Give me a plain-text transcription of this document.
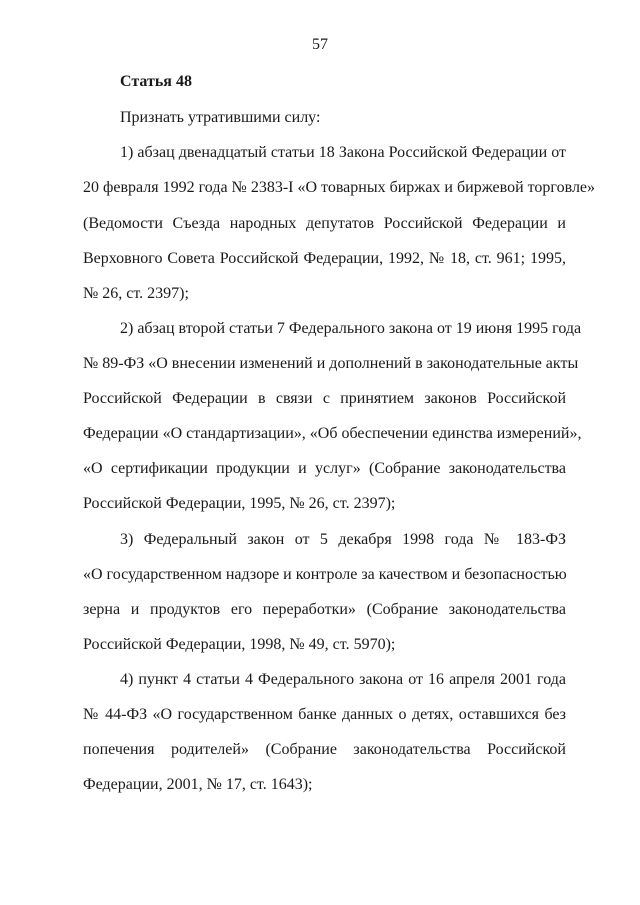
57
Статья 48
Признать утратившими силу:
1) абзац двенадцатый статьи 18 Закона Российской Федерации от
20 февраля 1992 года № 2383-I «О товарных биржах и биржевой торговле»
(Ведомости Съезда народных депутатов Российской Федерации и
Верховного Совета Российской Федерации, 1992, № 18, ст. 961; 1995,
№ 26, ст. 2397);
2) абзац второй статьи 7 Федерального закона от 19 июня 1995 года
№ 89-ФЗ «О внесении изменений и дополнений в законодательные акты
Российской Федерации в связи с принятием законов Российской
Федерации «О стандартизации», «Об обеспечении единства измерений»,
«О сертификации продукции и услуг» (Собрание законодательства
Российской Федерации, 1995, № 26, ст. 2397);
3) Федеральный закон от 5 декабря 1998 года № 183-ФЗ
«О государственном надзоре и контроле за качеством и безопасностью
зерна и продуктов его переработки» (Собрание законодательства
Российской Федерации, 1998, № 49, ст. 5970);
4) пункт 4 статьи 4 Федерального закона от 16 апреля 2001 года
№ 44-ФЗ «О государственном банке данных о детях, оставшихся без
попечения родителей» (Собрание законодательства Российской
Федерации, 2001, № 17, ст. 1643);
